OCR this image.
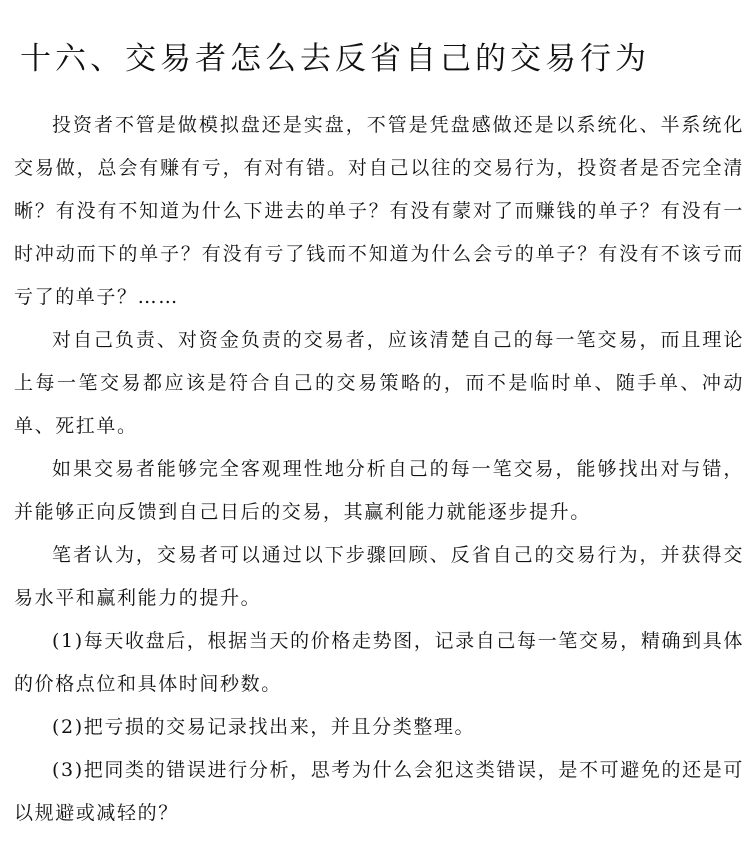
十六、交易者怎么去反省自己的交易行为

投资者不管是做模拟盘还是实盘，不管是凭盘感做还是以系统化、半系统化交易做，总会有赚有亏，有对有错。对自己以往的交易行为，投资者是否完全清晰？有没有不知道为什么下进去的单子？有没有蒙对了而赚钱的单子？有没有一时冲动而下的单子？有没有亏了钱而不知道为什么会亏的单子？有没有不该亏而亏了的单子？……

对自己负责、对资金负责的交易者，应该清楚自己的每一笔交易，而且理论上每一笔交易都应该是符合自己的交易策略的，而不是临时单、随手单、冲动单、死扛单。

如果交易者能够完全客观理性地分析自己的每一笔交易，能够找出对与错，并能够正向反馈到自己日后的交易，其赢利能力就能逐步提升。

笔者认为，交易者可以通过以下步骤回顾、反省自己的交易行为，并获得交易水平和赢利能力的提升。

(1)每天收盘后，根据当天的价格走势图，记录自己每一笔交易，精确到具体的价格点位和具体时间秒数。

(2)把亏损的交易记录找出来，并且分类整理。

(3)把同类的错误进行分析，思考为什么会犯这类错误，是不可避免的还是可以规避或减轻的？
